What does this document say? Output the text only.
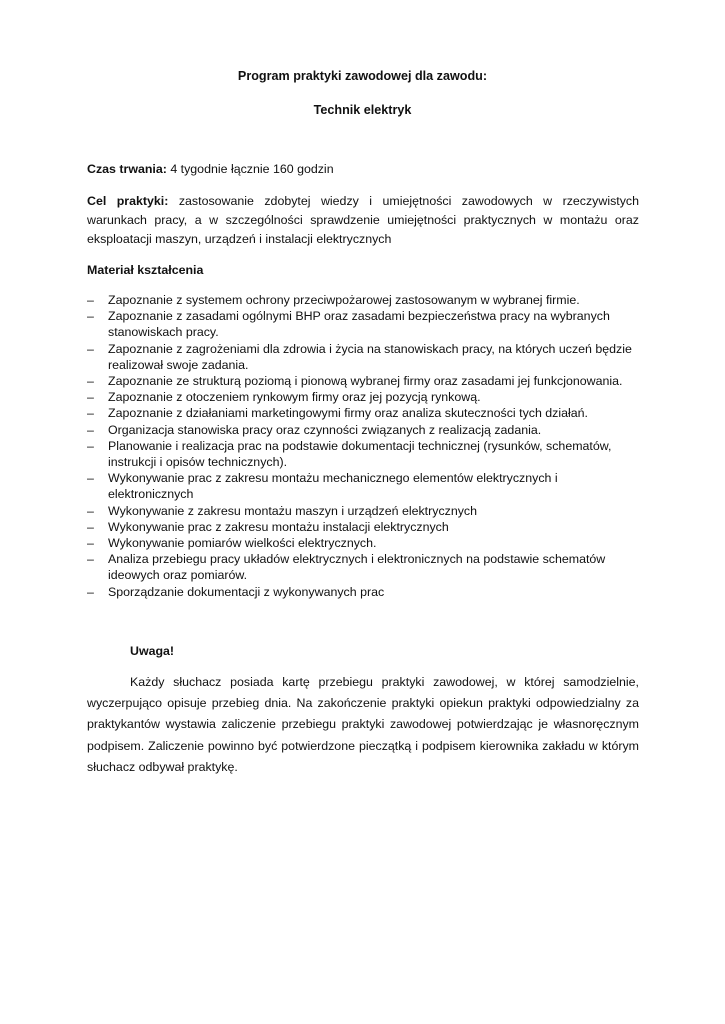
Program praktyki zawodowej dla zawodu:
Technik elektryk
Czas trwania: 4 tygodnie łącznie 160 godzin
Cel praktyki: zastosowanie zdobytej wiedzy i umiejętności zawodowych w rzeczywistych warunkach pracy, a w szczególności sprawdzenie umiejętności praktycznych w montażu oraz eksploatacji maszyn, urządzeń i instalacji elektrycznych
Materiał kształcenia
– Zapoznanie z systemem ochrony przeciwpożarowej zastosowanym w wybranej firmie.
– Zapoznanie z zasadami ogólnymi BHP oraz zasadami bezpieczeństwa pracy na wybranych stanowiskach pracy.
– Zapoznanie z zagrożeniami dla zdrowia i życia na stanowiskach pracy, na których uczeń będzie realizował swoje zadania.
– Zapoznanie ze strukturą poziomą i pionową wybranej firmy oraz zasadami jej funkcjonowania.
– Zapoznanie z otoczeniem rynkowym firmy oraz jej pozycją rynkową.
– Zapoznanie z działaniami marketingowymi firmy oraz analiza skuteczności tych działań.
– Organizacja stanowiska pracy oraz czynności związanych z realizacją zadania.
– Planowanie i realizacja prac na podstawie dokumentacji technicznej (rysunków, schematów, instrukcji i opisów technicznych).
– Wykonywanie prac z zakresu montażu mechanicznego elementów elektrycznych i elektronicznych
– Wykonywanie z zakresu montażu maszyn i urządzeń elektrycznych
– Wykonywanie prac z zakresu montażu instalacji elektrycznych
– Wykonywanie pomiarów wielkości elektrycznych.
– Analiza przebiegu pracy układów elektrycznych i elektronicznych na podstawie schematów ideowych oraz pomiarów.
– Sporządzanie dokumentacji z wykonywanych prac
Uwaga!
Każdy słuchacz posiada kartę przebiegu praktyki zawodowej, w której samodzielnie, wyczerpująco opisuje przebieg dnia. Na zakończenie praktyki opiekun praktyki odpowiedzialny za praktykantów wystawia zaliczenie przebiegu praktyki zawodowej potwierdzając je własnoręcznym podpisem. Zaliczenie powinno być potwierdzone pieczątką i podpisem kierownika zakładu w którym słuchacz odbywał praktykę.
